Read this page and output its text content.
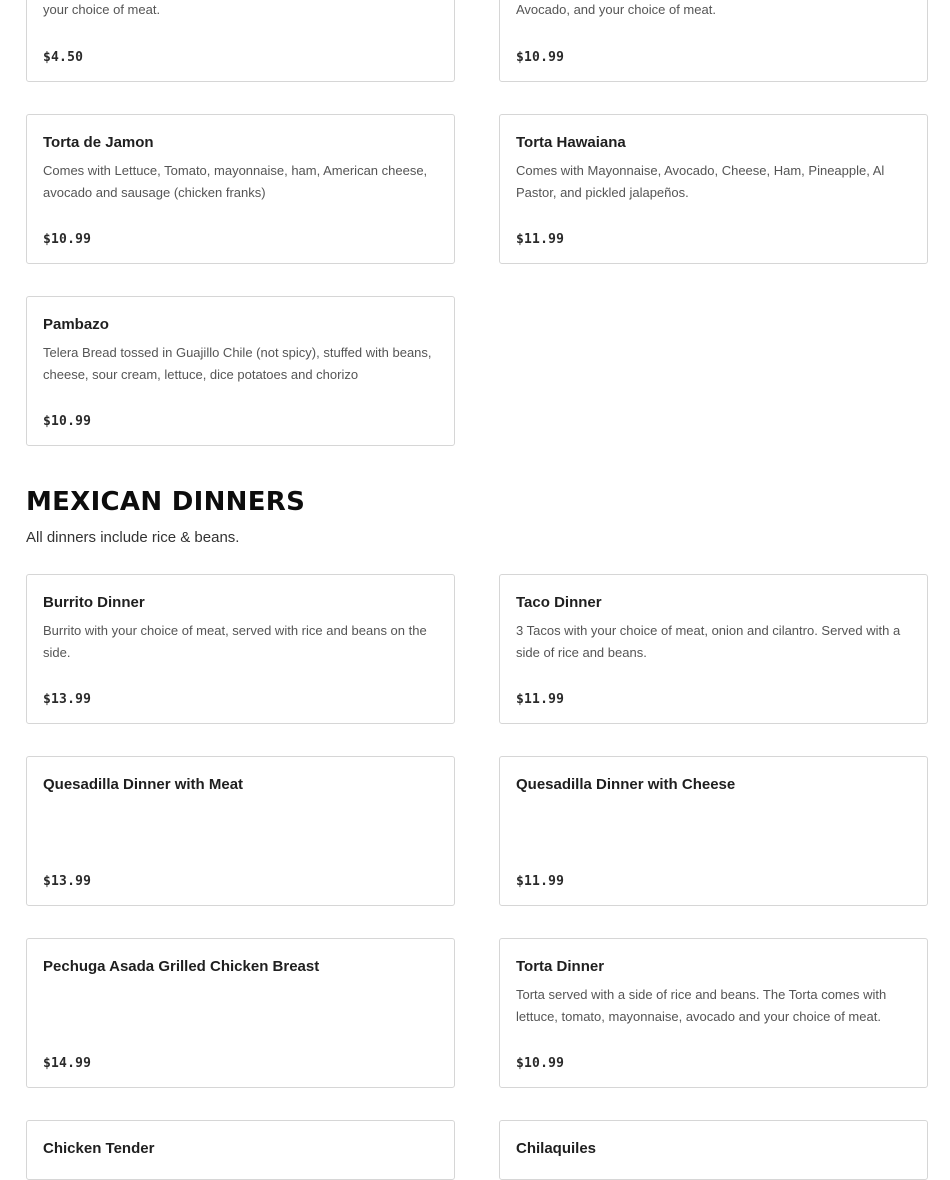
your choice of meat.
$4.50
Avocado, and your choice of meat.
$10.99
Torta de Jamon
Comes with Lettuce, Tomato, mayonnaise, ham, American cheese, avocado and sausage (chicken franks)
$10.99
Torta Hawaiana
Comes with Mayonnaise, Avocado, Cheese, Ham, Pineapple, Al Pastor, and pickled jalapeños.
$11.99
Pambazo
Telera Bread tossed in Guajillo Chile (not spicy), stuffed with beans, cheese, sour cream, lettuce, dice potatoes and chorizo
$10.99
MEXICAN DINNERS
All dinners include rice & beans.
Burrito Dinner
Burrito with your choice of meat, served with rice and beans on the side.
$13.99
Taco Dinner
3 Tacos with your choice of meat, onion and cilantro. Served with a side of rice and beans.
$11.99
Quesadilla Dinner with Meat
$13.99
Quesadilla Dinner with Cheese
$11.99
Pechuga Asada Grilled Chicken Breast
$14.99
Torta Dinner
Torta served with a side of rice and beans. The Torta comes with lettuce, tomato, mayonnaise, avocado and your choice of meat.
$10.99
Chicken Tender	Chilaquiles
